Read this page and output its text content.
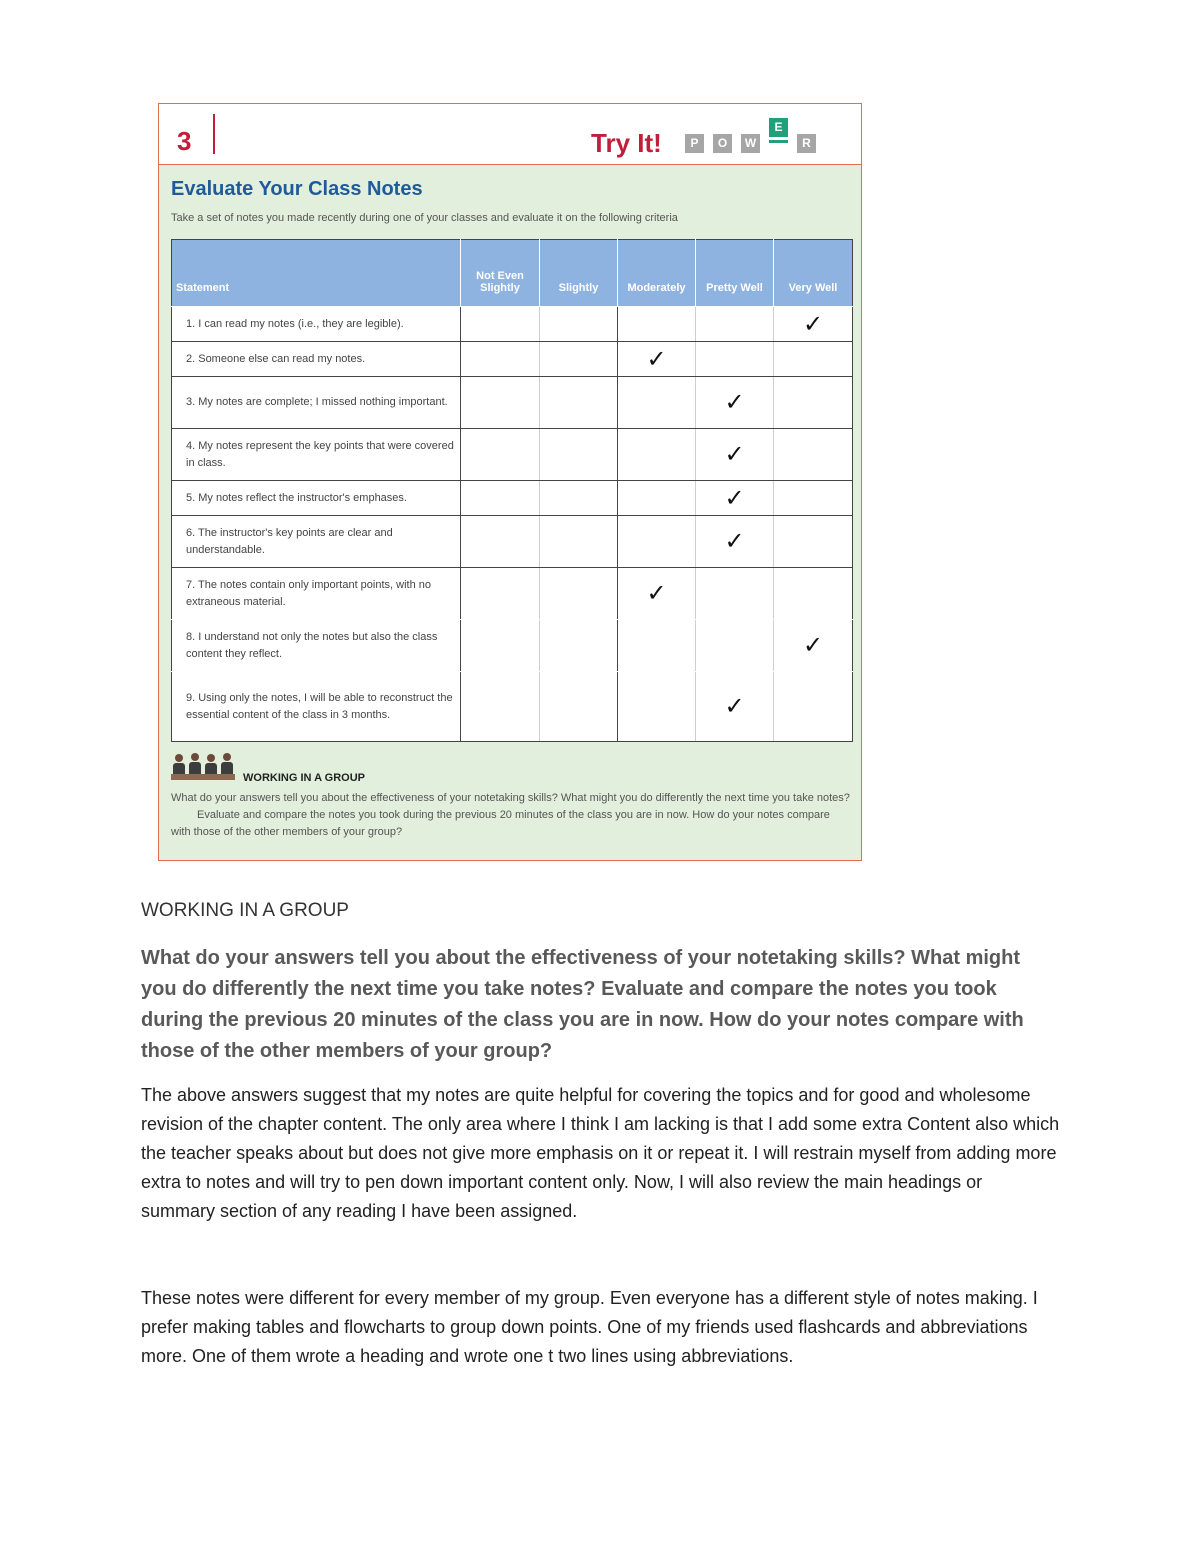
3	Try It!	P	O	W
E
R
Evaluate Your Class Notes
Take a set of notes you made recently during one of your classes and evaluate it on the following criteria
Statement	Not Even Slightly	Slightly	Moderately	Pretty Well	Very Well
1. I can read my notes (i.e., they are legible).					✓
2. Someone else can read my notes.			✓		
3. My notes are complete; I missed nothing important.				✓	
4. My notes represent the key points that were covered in class.				✓	
5. My notes reflect the instructor's emphases.				✓	
6. The instructor's key points are clear and understandable.				✓	
7. The notes contain only important points, with no extraneous material.			✓		
8. I understand not only the notes but also the class content they reflect.					✓
9. Using only the notes, I will be able to reconstruct the essential content of the class in 3 months.				✓	
WORKING IN A GROUP

What do your answers tell you about the effectiveness of your notetaking skills? What might you do differently the next time you take notes?

Evaluate and compare the notes you took during the previous 20 minutes of the class you are in now. How do your notes compare with those of the other members of your group?

WORKING IN A GROUP
What do your answers tell you about the effectiveness of your notetaking skills? What might you do differently the next time you take notes? Evaluate and compare the notes you took during the previous 20 minutes of the class you are in now. How do your notes compare with those of the other members of your group?
The above answers suggest that my notes are quite helpful for covering the topics and for good and wholesome revision of the chapter content. The only area where I think I am lacking is that I add some extra Content also which the teacher speaks about but does not give more emphasis on it or repeat it. I will restrain myself from adding more extra to notes and will try to pen down important content only. Now, I will also review the main headings or summary section of any reading I have been assigned.
These notes were different for every member of my group. Even everyone has a different style of notes making. I prefer making tables and flowcharts to group down points. One of my friends used flashcards and abbreviations more. One of them wrote a heading and wrote one t two lines using abbreviations.
